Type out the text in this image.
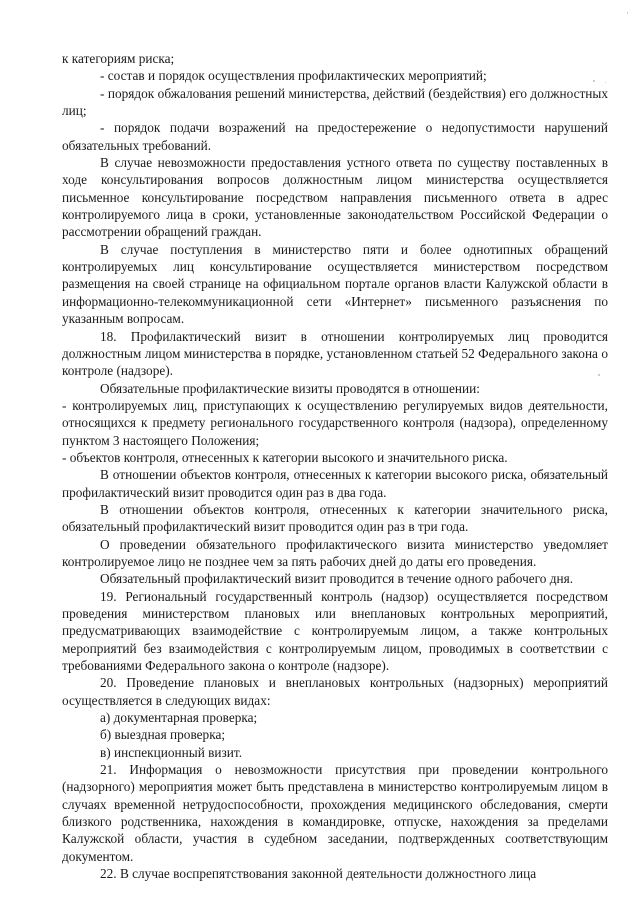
к категориям риска;

- состав и порядок осуществления профилактических мероприятий;

- порядок обжалования решений министерства, действий (бездействия) его должностных лиц;

- порядок подачи возражений на предостережение о недопустимости нарушений обязательных требований.

В случае невозможности предоставления устного ответа по существу поставленных в ходе консультирования вопросов должностным лицом министерства осуществляется письменное консультирование посредством направления письменного ответа в адрес контролируемого лица в сроки, установленные законодательством Российской Федерации о рассмотрении обращений граждан.

В случае поступления в министерство пяти и более однотипных обращений контролируемых лиц консультирование осуществляется министерством посредством размещения на своей странице на официальном портале органов власти Калужской области в информационно-телекоммуникационной сети «Интернет» письменного разъяснения по указанным вопросам.

18. Профилактический визит в отношении контролируемых лиц проводится должностным лицом министерства в порядке, установленном статьей 52 Федерального закона о контроле (надзоре).

Обязательные профилактические визиты проводятся в отношении:

- контролируемых лиц, приступающих к осуществлению регулируемых видов деятельности, относящихся к предмету регионального государственного контроля (надзора), определенному пунктом 3 настоящего Положения;

- объектов контроля, отнесенных к категории высокого и значительного риска.

В отношении объектов контроля, отнесенных к категории высокого риска, обязательный профилактический визит проводится один раз в два года.

В отношении объектов контроля, отнесенных к категории значительного риска, обязательный профилактический визит проводится один раз в три года.

О проведении обязательного профилактического визита министерство уведомляет контролируемое лицо не позднее чем за пять рабочих дней до даты его проведения.

Обязательный профилактический визит проводится в течение одного рабочего дня.

19. Региональный государственный контроль (надзор) осуществляется посредством проведения министерством плановых или внеплановых контрольных мероприятий, предусматривающих взаимодействие с контролируемым лицом, а также контрольных мероприятий без взаимодействия с контролируемым лицом, проводимых в соответствии с требованиями Федерального закона о контроле (надзоре).

20. Проведение плановых и внеплановых контрольных (надзорных) мероприятий осуществляется в следующих видах:

а) документарная проверка;

б) выездная проверка;

в) инспекционный визит.

21. Информация о невозможности присутствия при проведении контрольного (надзорного) мероприятия может быть представлена в министерство контролируемым лицом в случаях временной нетрудоспособности, прохождения медицинского обследования, смерти близкого родственника, нахождения в командировке, отпуске, нахождения за пределами Калужской области, участия в судебном заседании, подтвержденных соответствующим документом.

22. В случае воспрепятствования законной деятельности должностного лица
